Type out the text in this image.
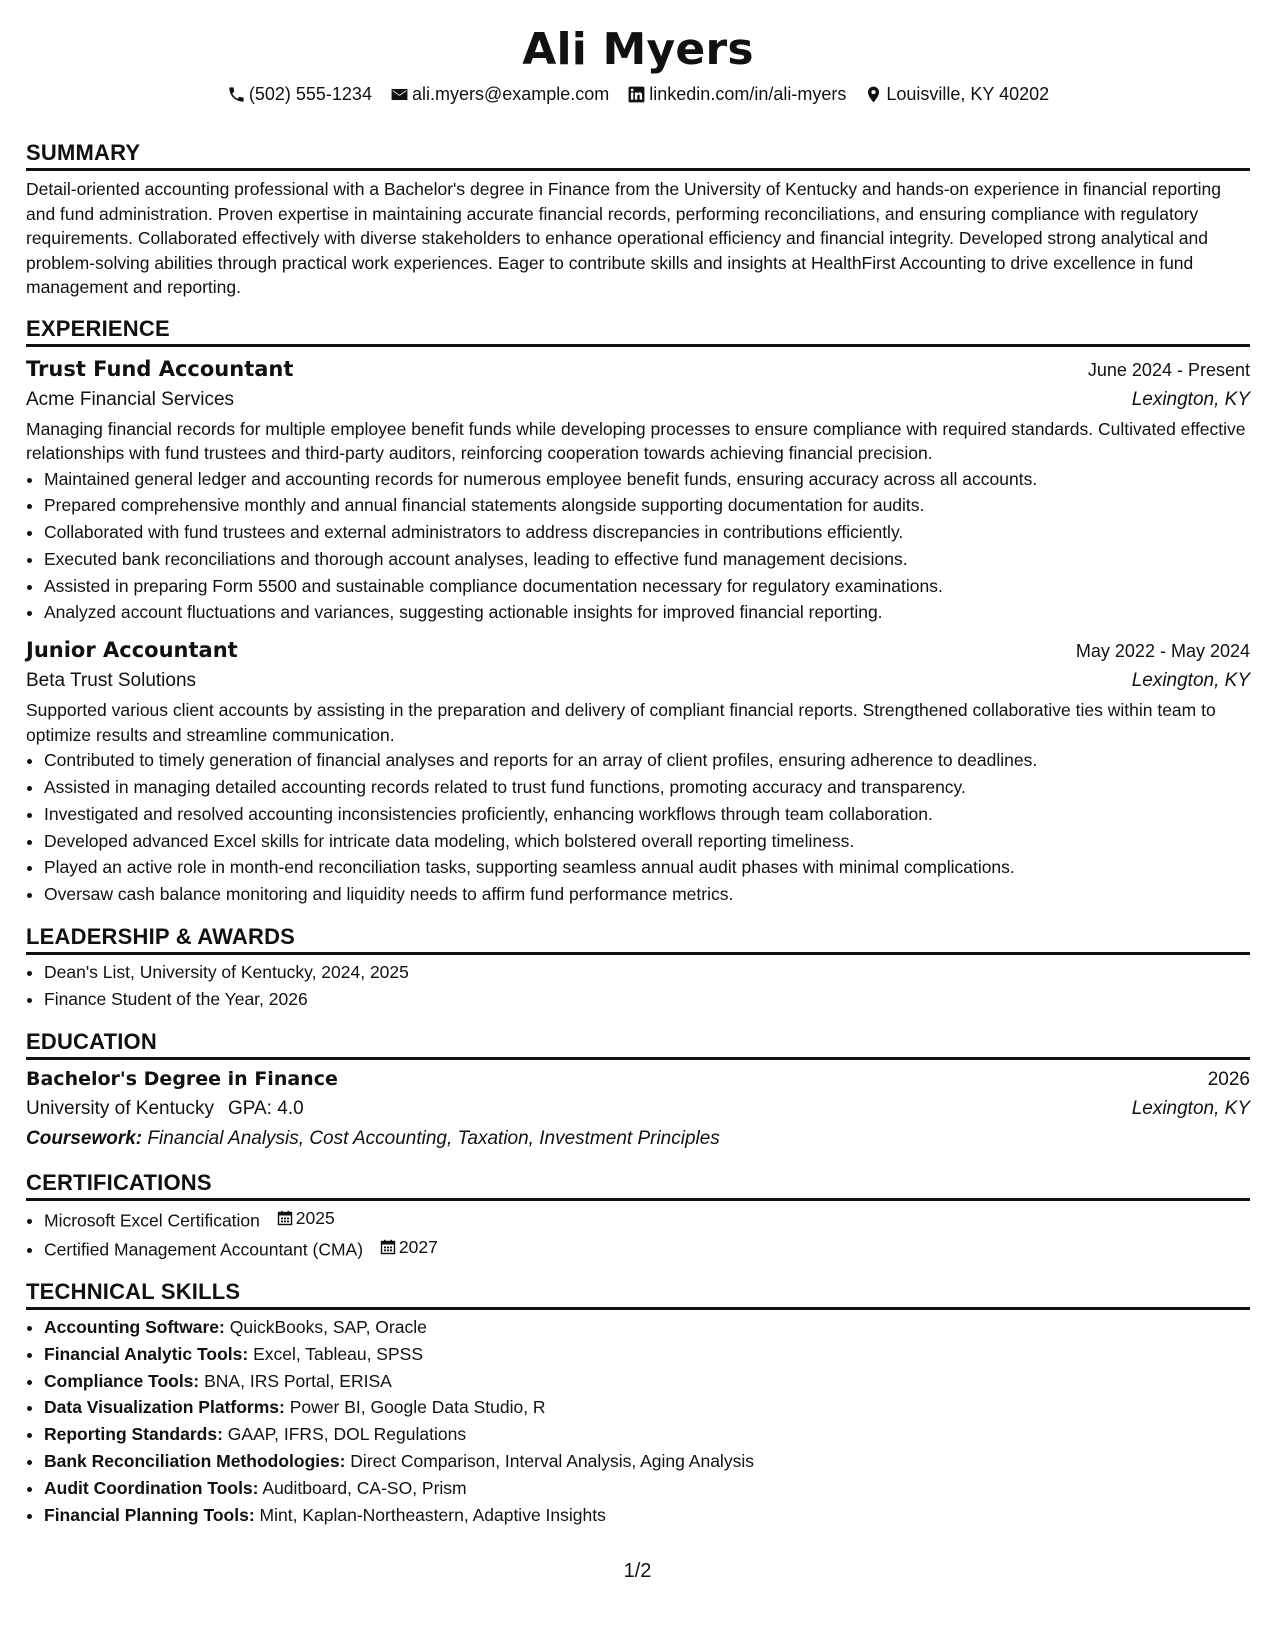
Ali Myers
(502) 555-1234 ali.myers@example.com linkedin.com/in/ali-myers Louisville, KY 40202
SUMMARY
Detail-oriented accounting professional with a Bachelor's degree in Finance from the University of Kentucky and hands-on experience in financial reporting and fund administration. Proven expertise in maintaining accurate financial records, performing reconciliations, and ensuring compliance with regulatory requirements. Collaborated effectively with diverse stakeholders to enhance operational efficiency and financial integrity. Developed strong analytical and problem-solving abilities through practical work experiences. Eager to contribute skills and insights at HealthFirst Accounting to drive excellence in fund management and reporting.
EXPERIENCE
Trust Fund Accountant	June 2024 - Present
Acme Financial Services	Lexington, KY
Managing financial records for multiple employee benefit funds while developing processes to ensure compliance with required standards. Cultivated effective relationships with fund trustees and third-party auditors, reinforcing cooperation towards achieving financial precision.
• Maintained general ledger and accounting records for numerous employee benefit funds, ensuring accuracy across all accounts.
• Prepared comprehensive monthly and annual financial statements alongside supporting documentation for audits.
• Collaborated with fund trustees and external administrators to address discrepancies in contributions efficiently.
• Executed bank reconciliations and thorough account analyses, leading to effective fund management decisions.
• Assisted in preparing Form 5500 and sustainable compliance documentation necessary for regulatory examinations.
• Analyzed account fluctuations and variances, suggesting actionable insights for improved financial reporting.
Junior Accountant	May 2022 - May 2024
Beta Trust Solutions	Lexington, KY
Supported various client accounts by assisting in the preparation and delivery of compliant financial reports. Strengthened collaborative ties within team to optimize results and streamline communication.
• Contributed to timely generation of financial analyses and reports for an array of client profiles, ensuring adherence to deadlines.
• Assisted in managing detailed accounting records related to trust fund functions, promoting accuracy and transparency.
• Investigated and resolved accounting inconsistencies proficiently, enhancing workflows through team collaboration.
• Developed advanced Excel skills for intricate data modeling, which bolstered overall reporting timeliness.
• Played an active role in month-end reconciliation tasks, supporting seamless annual audit phases with minimal complications.
• Oversaw cash balance monitoring and liquidity needs to affirm fund performance metrics.
LEADERSHIP & AWARDS
• Dean's List, University of Kentucky, 2024, 2025
• Finance Student of the Year, 2026
EDUCATION
Bachelor's Degree in Finance	2026
University of Kentucky GPA: 4.0	Lexington, KY
Coursework: Financial Analysis, Cost Accounting, Taxation, Investment Principles
CERTIFICATIONS
• Microsoft Excel Certification 2025
• Certified Management Accountant (CMA) 2027
TECHNICAL SKILLS
• Accounting Software: QuickBooks, SAP, Oracle
• Financial Analytic Tools: Excel, Tableau, SPSS
• Compliance Tools: BNA, IRS Portal, ERISA
• Data Visualization Platforms: Power BI, Google Data Studio, R
• Reporting Standards: GAAP, IFRS, DOL Regulations
• Bank Reconciliation Methodologies: Direct Comparison, Interval Analysis, Aging Analysis
• Audit Coordination Tools: Auditboard, CA-SO, Prism
• Financial Planning Tools: Mint, Kaplan-Northeastern, Adaptive Insights
1/2
